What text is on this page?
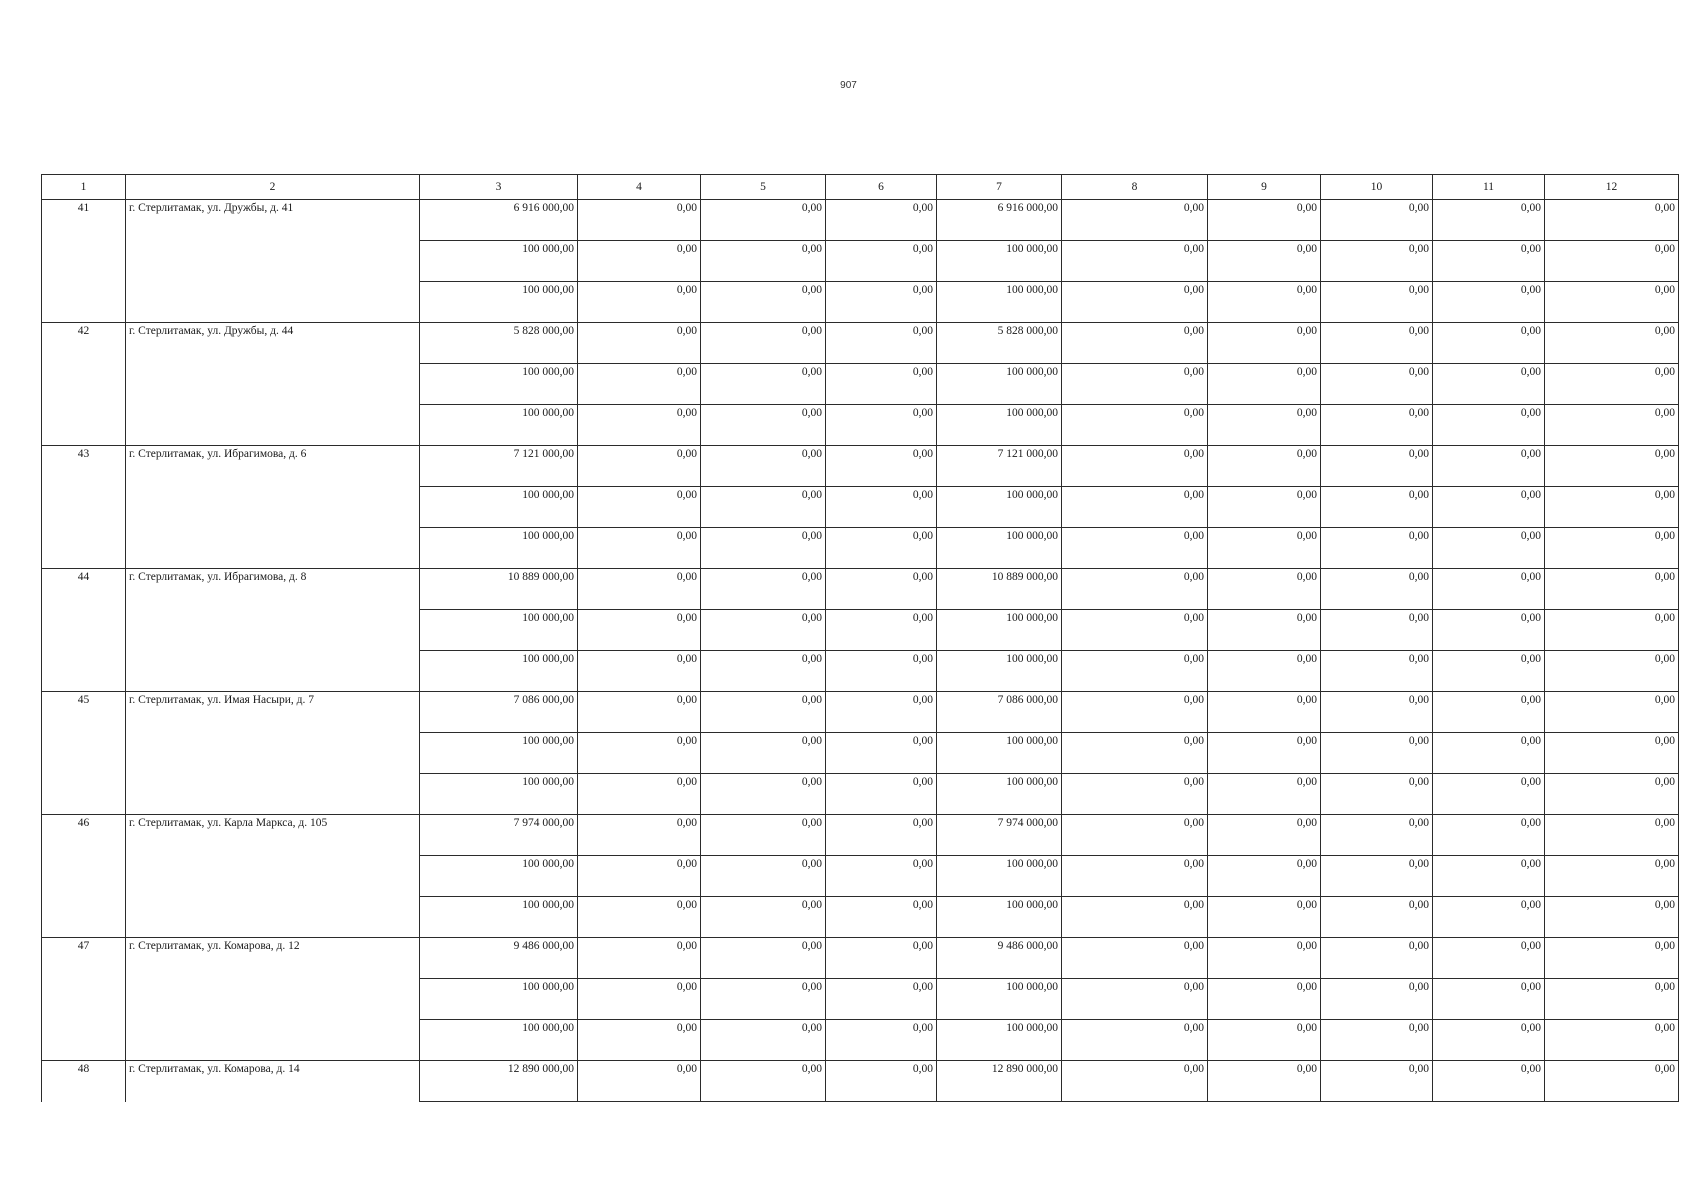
907
1	2	3	4	5	6	7	8	9	10	11	12
41	г. Стерлитамак, ул. Дружбы, д. 41	6 916 000,00	0,00	0,00	0,00	6 916 000,00	0,00	0,00	0,00	0,00	0,00
		100 000,00	0,00	0,00	0,00	100 000,00	0,00	0,00	0,00	0,00	0,00
		100 000,00	0,00	0,00	0,00	100 000,00	0,00	0,00	0,00	0,00	0,00
42	г. Стерлитамак, ул. Дружбы, д. 44	5 828 000,00	0,00	0,00	0,00	5 828 000,00	0,00	0,00	0,00	0,00	0,00
		100 000,00	0,00	0,00	0,00	100 000,00	0,00	0,00	0,00	0,00	0,00
		100 000,00	0,00	0,00	0,00	100 000,00	0,00	0,00	0,00	0,00	0,00
43	г. Стерлитамак, ул. Ибрагимова, д. 6	7 121 000,00	0,00	0,00	0,00	7 121 000,00	0,00	0,00	0,00	0,00	0,00
		100 000,00	0,00	0,00	0,00	100 000,00	0,00	0,00	0,00	0,00	0,00
		100 000,00	0,00	0,00	0,00	100 000,00	0,00	0,00	0,00	0,00	0,00
44	г. Стерлитамак, ул. Ибрагимова, д. 8	10 889 000,00	0,00	0,00	0,00	10 889 000,00	0,00	0,00	0,00	0,00	0,00
		100 000,00	0,00	0,00	0,00	100 000,00	0,00	0,00	0,00	0,00	0,00
		100 000,00	0,00	0,00	0,00	100 000,00	0,00	0,00	0,00	0,00	0,00
45	г. Стерлитамак, ул. Имая Насыри, д. 7	7 086 000,00	0,00	0,00	0,00	7 086 000,00	0,00	0,00	0,00	0,00	0,00
		100 000,00	0,00	0,00	0,00	100 000,00	0,00	0,00	0,00	0,00	0,00
		100 000,00	0,00	0,00	0,00	100 000,00	0,00	0,00	0,00	0,00	0,00
46	г. Стерлитамак, ул. Карла Маркса, д. 105	7 974 000,00	0,00	0,00	0,00	7 974 000,00	0,00	0,00	0,00	0,00	0,00
		100 000,00	0,00	0,00	0,00	100 000,00	0,00	0,00	0,00	0,00	0,00
		100 000,00	0,00	0,00	0,00	100 000,00	0,00	0,00	0,00	0,00	0,00
47	г. Стерлитамак, ул. Комарова, д. 12	9 486 000,00	0,00	0,00	0,00	9 486 000,00	0,00	0,00	0,00	0,00	0,00
		100 000,00	0,00	0,00	0,00	100 000,00	0,00	0,00	0,00	0,00	0,00
		100 000,00	0,00	0,00	0,00	100 000,00	0,00	0,00	0,00	0,00	0,00
48	г. Стерлитамак, ул. Комарова, д. 14	12 890 000,00	0,00	0,00	0,00	12 890 000,00	0,00	0,00	0,00	0,00	0,00
